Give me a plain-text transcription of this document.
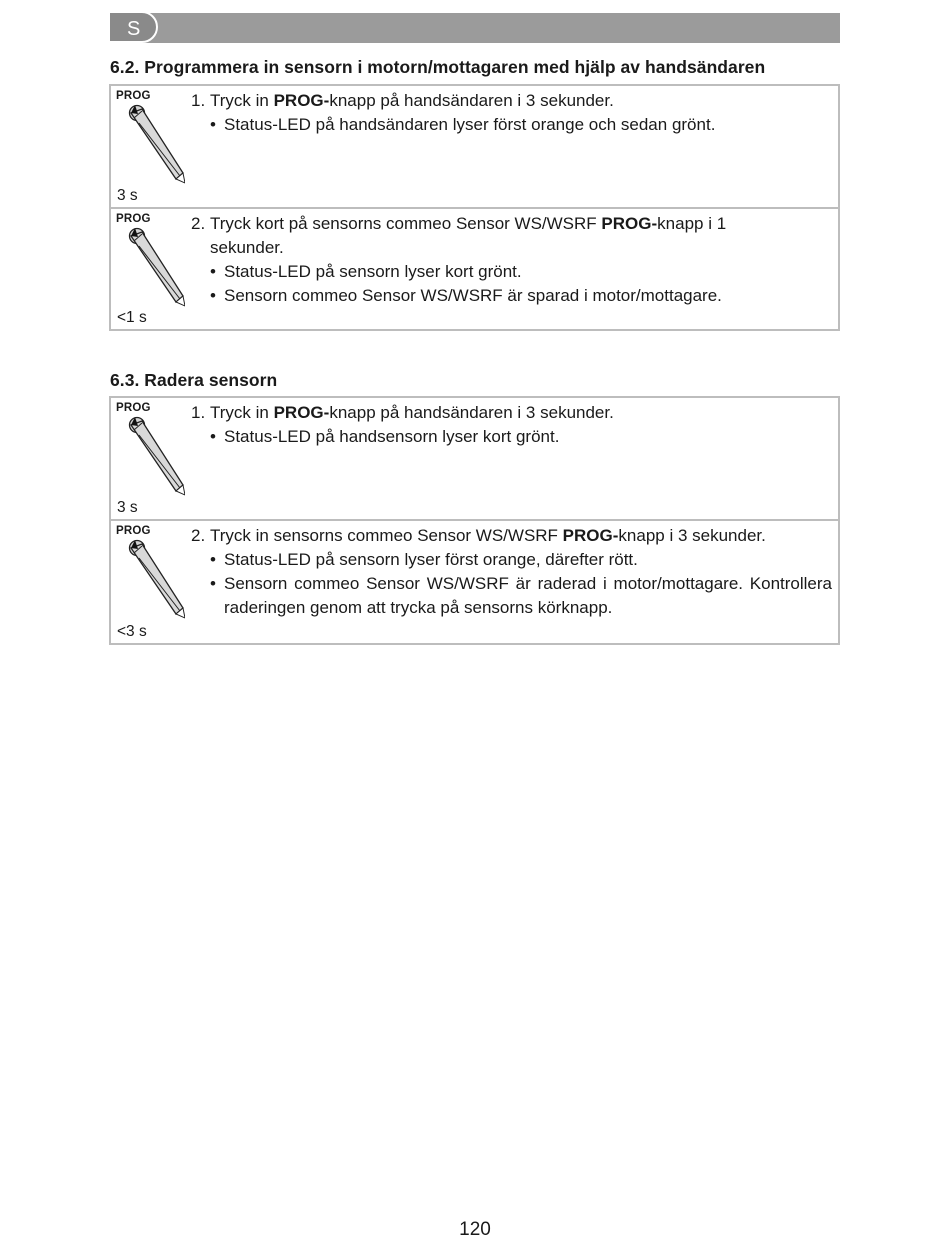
S
6.2. Programmera in sensorn i motorn/mottagaren med hjälp av handsändaren
PROG
3 s

1. Tryck in PROG-knapp på handsändaren i 3 sekunder.

• Status-LED på handsändaren lyser först orange och sedan grönt.
PROG
<1 s

2. Tryck kort på sensorns commeo Sensor WS/WSRF PROG-knapp i 1 sekunder.

• Status-LED på sensorn lyser kort grönt.
• Sensorn commeo Sensor WS/WSRF är sparad i motor/mottagare.
6.3. Radera sensorn
PROG
3 s

1. Tryck in PROG-knapp på handsändaren i 3 sekunder.

• Status-LED på handsensorn lyser kort grönt.
PROG
<3 s

2. Tryck in sensorns commeo Sensor WS/WSRF PROG-knapp i 3 sekunder.

• Status-LED på sensorn lyser först orange, därefter rött.
• Sensorn commeo Sensor WS/WSRF är raderad i motor/mottagare. Kontrollera raderingen genom att trycka på sensorns körknapp.
120
